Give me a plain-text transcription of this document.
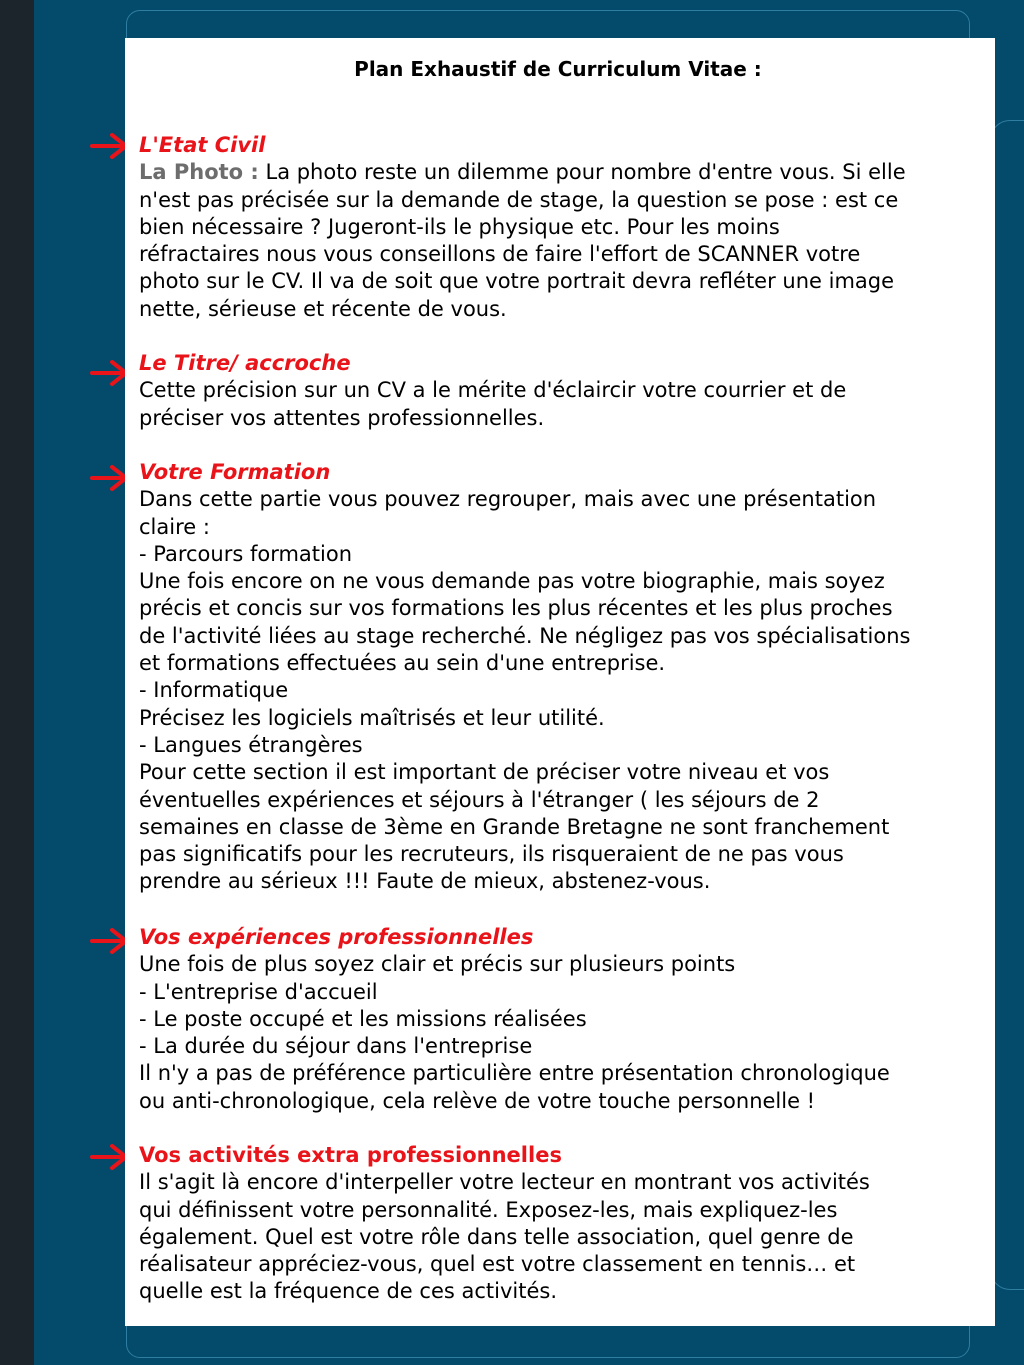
Plan Exhaustif de Curriculum Vitae :
L'Etat Civil
La Photo : La photo reste un dilemme pour nombre d'entre vous. Si elle
n'est pas précisée sur la demande de stage, la question se pose : est ce
bien nécessaire ? Jugeront-ils le physique etc. Pour les moins
réfractaires nous vous conseillons de faire l'effort de SCANNER votre
photo sur le CV. Il va de soit que votre portrait devra refléter une image
nette, sérieuse et récente de vous.
Le Titre/ accroche
Cette précision sur un CV a le mérite d'éclaircir votre courrier et de
préciser vos attentes professionnelles.
Votre Formation
Dans cette partie vous pouvez regrouper, mais avec une présentation
claire :
- Parcours formation
Une fois encore on ne vous demande pas votre biographie, mais soyez
précis et concis sur vos formations les plus récentes et les plus proches
de l'activité liées au stage recherché. Ne négligez pas vos spécialisations
et formations effectuées au sein d'une entreprise.
- Informatique
Précisez les logiciels maîtrisés et leur utilité.
- Langues étrangères
Pour cette section il est important de préciser votre niveau et vos
éventuelles expériences et séjours à l'étranger ( les séjours de 2
semaines en classe de 3ème en Grande Bretagne ne sont franchement
pas significatifs pour les recruteurs, ils risqueraient de ne pas vous
prendre au sérieux !!! Faute de mieux, abstenez-vous.
Vos expériences professionnelles
Une fois de plus soyez clair et précis sur plusieurs points
- L'entreprise d'accueil
- Le poste occupé et les missions réalisées
- La durée du séjour dans l'entreprise
Il n'y a pas de préférence particulière entre présentation chronologique
ou anti-chronologique, cela relève de votre touche personnelle !
Vos activités extra professionnelles
Il s'agit là encore d'interpeller votre lecteur en montrant vos activités
qui définissent votre personnalité. Exposez-les, mais expliquez-les
également. Quel est votre rôle dans telle association, quel genre de
réalisateur appréciez-vous, quel est votre classement en tennis… et
quelle est la fréquence de ces activités.
